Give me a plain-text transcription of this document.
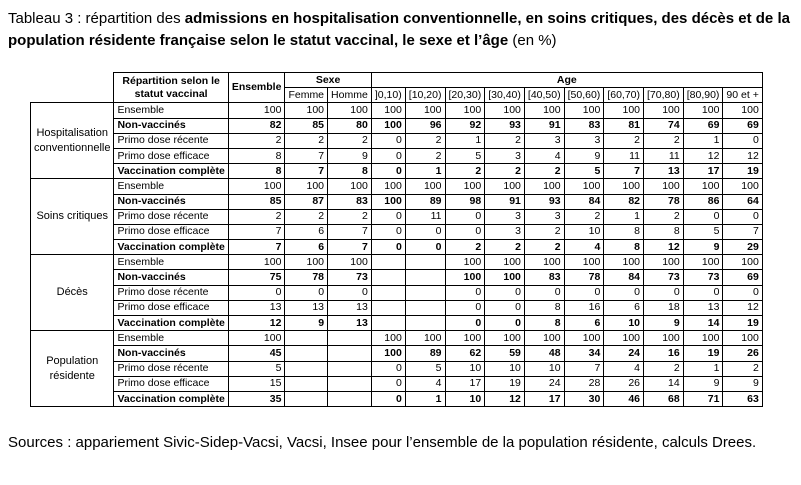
Tableau 3 : répartition des admissions en hospitalisation conventionnelle, en soins critiques, des décès et de la population résidente française selon le statut vaccinal, le sexe et l’âge (en %)
	Répartition selon le statut vaccinal	Ensemble	Sexe		Age									
			Femme	Homme	]0,10)	[10,20)	[20,30)	[30,40)	[40,50)	[50,60)	[60,70)	[70,80)	[80,90)	90 et +
Hospitalisation conventionnelle	Ensemble	100	100	100	100	100	100	100	100	100	100	100	100	100
	Non-vaccinés	82	85	80	100	96	92	93	91	83	81	74	69	69
	Primo dose récente	2	2	2	0	2	1	2	3	3	2	2	1	0
	Primo dose efficace	8	7	9	0	2	5	3	4	9	11	11	12	12
	Vaccination complète	8	7	8	0	1	2	2	2	5	7	13	17	19
Soins critiques	Ensemble	100	100	100	100	100	100	100	100	100	100	100	100	100
	Non-vaccinés	85	87	83	100	89	98	91	93	84	82	78	86	64
	Primo dose récente	2	2	2	0	11	0	3	3	2	1	2	0	0
	Primo dose efficace	7	6	7	0	0	0	3	2	10	8	8	5	7
	Vaccination complète	7	6	7	0	0	2	2	2	4	8	12	9	29
Décès	Ensemble	100	100	100			100	100	100	100	100	100	100	100
	Non-vaccinés	75	78	73			100	100	83	78	84	73	73	69
	Primo dose récente	0	0	0			0	0	0	0	0	0	0	0
	Primo dose efficace	13	13	13			0	0	8	16	6	18	13	12
	Vaccination complète	12	9	13			0	0	8	6	10	9	14	19
Population résidente	Ensemble	100			100	100	100	100	100	100	100	100	100	100
	Non-vaccinés	45			100	89	62	59	48	34	24	16	19	26
	Primo dose récente	5			0	5	10	10	10	7	4	2	1	2
	Primo dose efficace	15			0	4	17	19	24	28	26	14	9	9
	Vaccination complète	35			0	1	10	12	17	30	46	68	71	63
Sources : appariement Sivic-Sidep-Vacsi, Vacsi, Insee pour l’ensemble de la population résidente, calculs Drees.
